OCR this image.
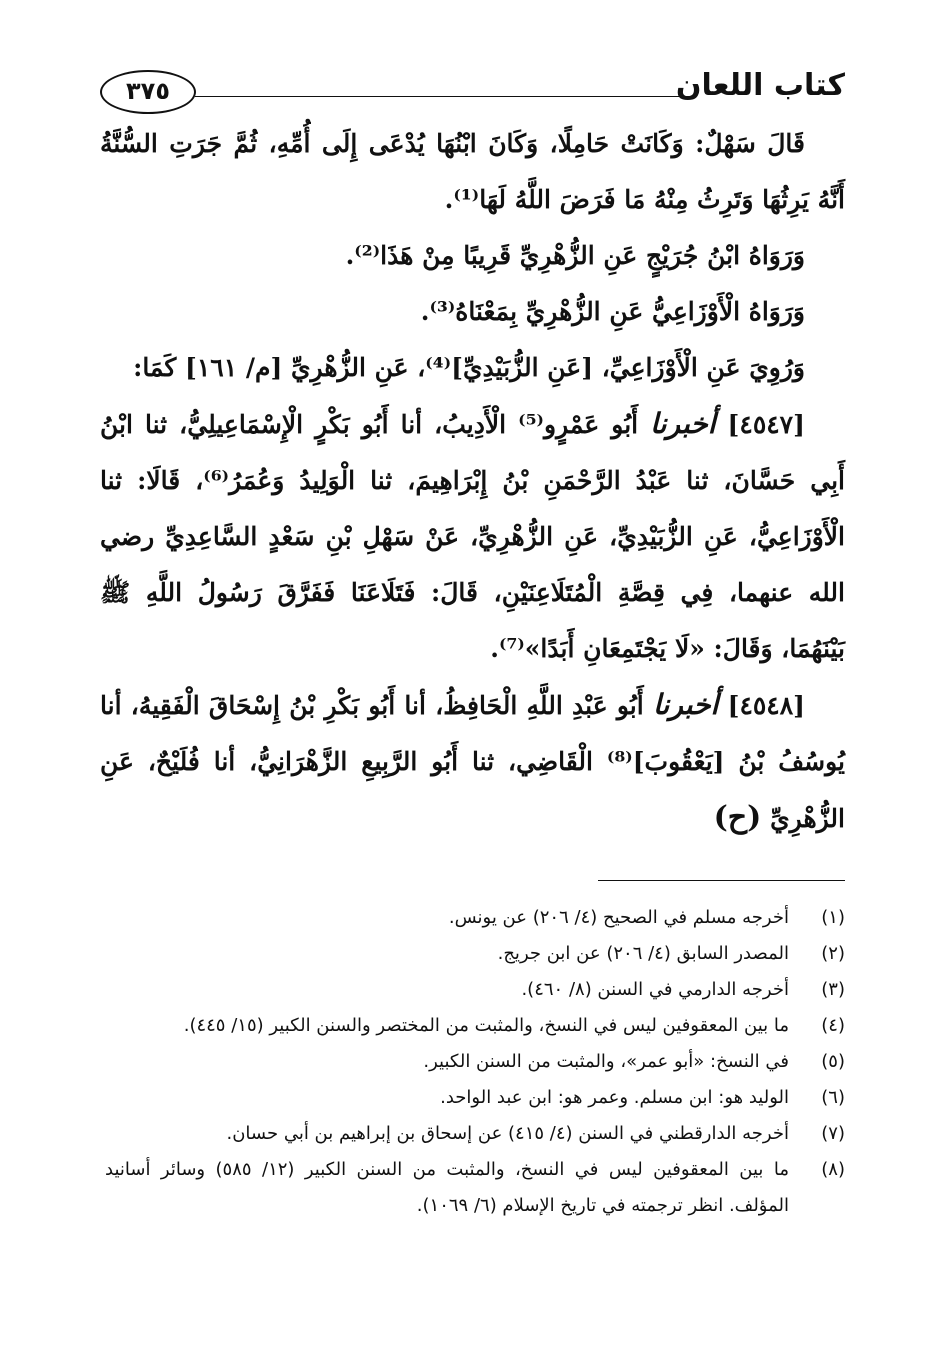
كتاب اللعان
٣٧٥

قَالَ سَهْلٌ: وَكَانَتْ حَامِلًا، وَكَانَ ابْنُهَا يُدْعَى إِلَى أُمِّهِ، ثُمَّ جَرَتِ السُّنَّةُ أَنَّهُ يَرِثُهَا وَتَرِثُ مِنْهُ مَا فَرَضَ اللَّهُ لَهَا⁽¹⁾.

وَرَوَاهُ ابْنُ جُرَيْجٍ عَنِ الزُّهْرِيِّ قَرِيبًا مِنْ هَذَا⁽²⁾.

وَرَوَاهُ الْأَوْزَاعِيُّ عَنِ الزُّهْرِيِّ بِمَعْنَاهُ⁽³⁾.

وَرُوِيَ عَنِ الْأَوْزَاعِيِّ، [عَنِ الزُّبَيْدِيِّ]⁽⁴⁾، عَنِ الزُّهْرِيِّ [م/ ١٦١] كَمَا:

[٤٥٤٧] أخبرنا أَبُو عَمْرٍو⁽⁵⁾ الْأَدِيبُ، أنا أَبُو بَكْرٍ الْإِسْمَاعِيلِيُّ، ثنا ابْنُ أَبِي حَسَّانَ، ثنا عَبْدُ الرَّحْمَنِ بْنُ إِبْرَاهِيمَ، ثنا الْوَلِيدُ وَعُمَرُ⁽⁶⁾، قَالَا: ثنا الْأَوْزَاعِيُّ، عَنِ الزُّبَيْدِيِّ، عَنِ الزُّهْرِيِّ، عَنْ سَهْلِ بْنِ سَعْدٍ السَّاعِدِيِّ رضي الله عنهما، فِي قِصَّةِ الْمُتَلَاعِنَيْنِ، قَالَ: فَتَلَاعَنَا فَفَرَّقَ رَسُولُ اللَّهِ ﷺ بَيْنَهُمَا، وَقَالَ: «لَا يَجْتَمِعَانِ أَبَدًا»⁽⁷⁾.

[٤٥٤٨] أخبرنا أَبُو عَبْدِ اللَّهِ الْحَافِظُ، أنا أَبُو بَكْرِ بْنُ إِسْحَاقَ الْفَقِيهُ، أنا يُوسُفُ بْنُ [يَعْقُوبَ]⁽⁸⁾ الْقَاضِي، ثنا أَبُو الرَّبِيعِ الزَّهْرَانِيُّ، أنا فُلَيْحٌ، عَنِ الزُّهْرِيِّ (ح)

(١)
أخرجه مسلم في الصحيح (٤/ ٢٠٦) عن يونس.

(٢)
المصدر السابق (٤/ ٢٠٦) عن ابن جريج.

(٣)
أخرجه الدارمي في السنن (٨/ ٤٦٠).

(٤)
ما بين المعقوفين ليس في النسخ، والمثبت من المختصر والسنن الكبير (١٥/ ٤٤٥).

(٥)
في النسخ: «أبو عمر»، والمثبت من السنن الكبير.

(٦)
الوليد هو: ابن مسلم. وعمر هو: ابن عبد الواحد.

(٧)
أخرجه الدارقطني في السنن (٤/ ٤١٥) عن إسحاق بن إبراهيم بن أبي حسان.

(٨)
ما بين المعقوفين ليس في النسخ، والمثبت من السنن الكبير (١٢/ ٥٨٥) وسائر أسانيد المؤلف. انظر ترجمته في تاريخ الإسلام (٦/ ١٠٦٩).
